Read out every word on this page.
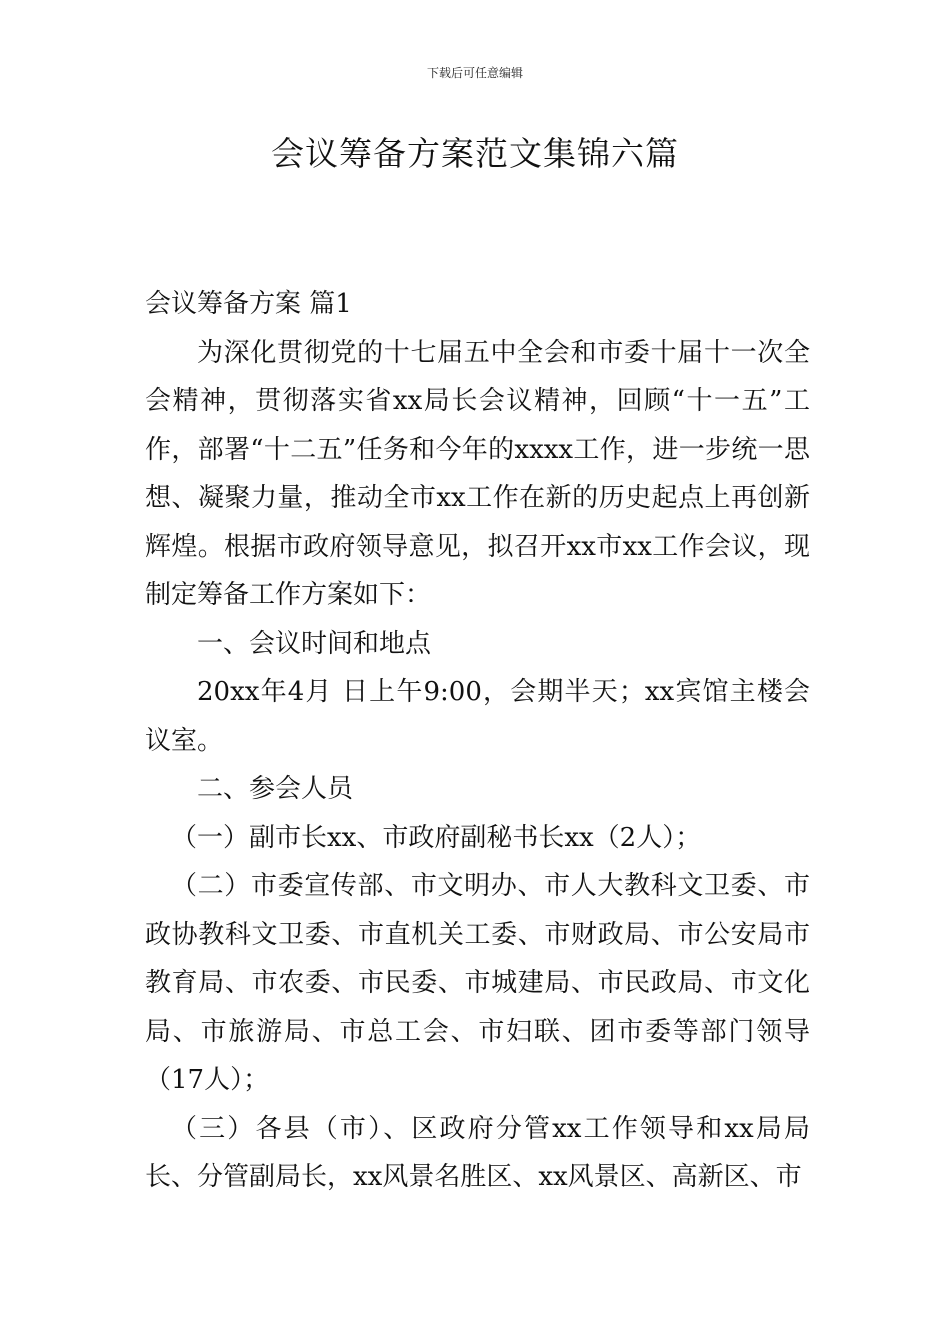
下载后可任意编辑
会议筹备方案范文集锦六篇

会议筹备方案 篇1

为深化贯彻党的十七届五中全会和市委十届十一次全会精神，贯彻落实省xx局长会议精神，回顾“十一五”工作，部署“十二五”任务和今年的xxxx工作，进一步统一思想、凝聚力量，推动全市xx工作在新的历史起点上再创新辉煌。根据市政府领导意见，拟召开xx市xx工作会议，现制定筹备工作方案如下：

一、会议时间和地点

20xx年4月 日上午9:00，会期半天；xx宾馆主楼会议室。

二、参会人员

（一）副市长xx、市政府副秘书长xx（2人）；

（二）市委宣传部、市文明办、市人大教科文卫委、市政协教科文卫委、市直机关工委、市财政局、市公安局市教育局、市农委、市民委、市城建局、市民政局、市文化局、市旅游局、市总工会、市妇联、团市委等部门领导（17人）；

（三）各县（市）、区政府分管xx工作领导和xx局局长、分管副局长，xx风景名胜区、xx风景区、高新区、市
